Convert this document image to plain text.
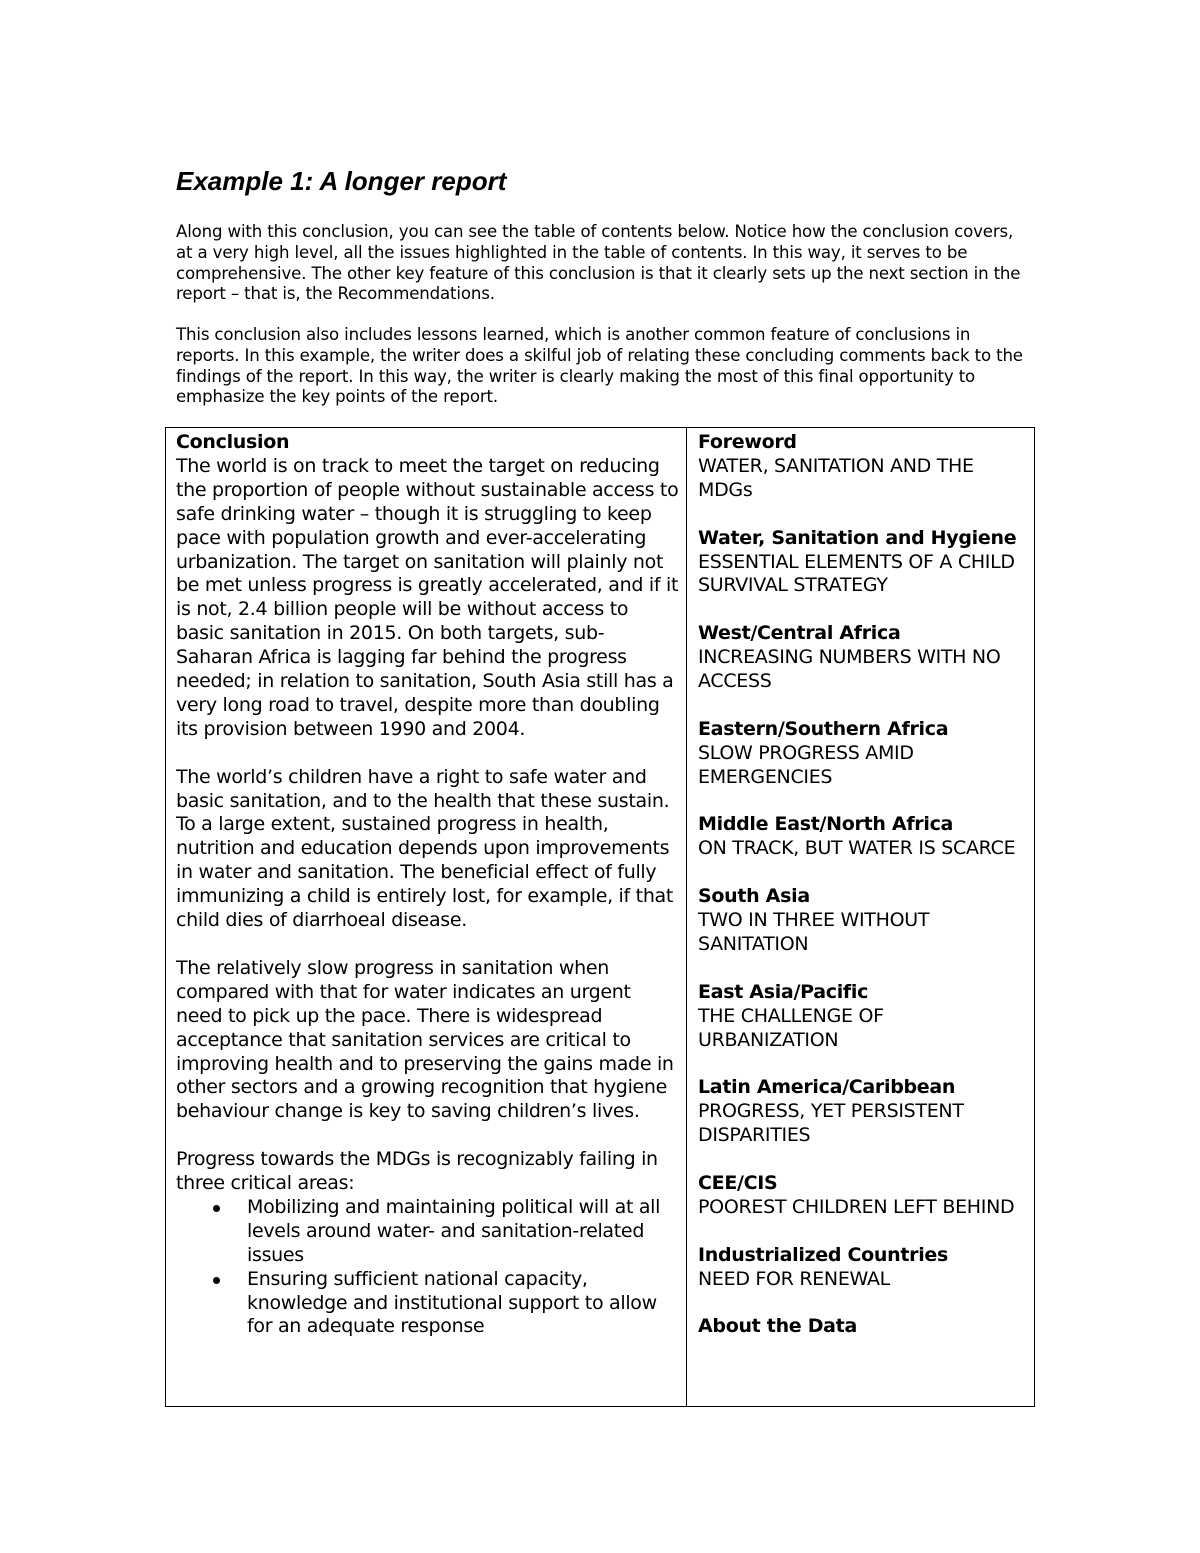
Example 1: A longer report

Along with this conclusion, you can see the table of contents below. Notice how the conclusion covers, at a very high level, all the issues highlighted in the table of contents. In this way, it serves to be comprehensive. The other key feature of this conclusion is that it clearly sets up the next section in the report – that is, the Recommendations.

This conclusion also includes lessons learned, which is another common feature of conclusions in reports. In this example, the writer does a skilful job of relating these concluding comments back to the findings of the report. In this way, the writer is clearly making the most of this final opportunity to emphasize the key points of the report.

Conclusion

The world is on track to meet the target on reducing the proportion of people without sustainable access to safe drinking water – though it is struggling to keep pace with population growth and ever-accelerating urbanization. The target on sanitation will plainly not be met unless progress is greatly accelerated, and if it is not, 2.4 billion people will be without access to basic sanitation in 2015. On both targets, sub-Saharan Africa is lagging far behind the progress needed; in relation to sanitation, South Asia still has a very long road to travel, despite more than doubling its provision between 1990 and 2004.

The world’s children have a right to safe water and basic sanitation, and to the health that these sustain. To a large extent, sustained progress in health, nutrition and education depends upon improvements in water and sanitation. The beneficial effect of fully immunizing a child is entirely lost, for example, if that child dies of diarrhoeal disease.

The relatively slow progress in sanitation when compared with that for water indicates an urgent need to pick up the pace. There is widespread acceptance that sanitation services are critical to improving health and to preserving the gains made in other sectors and a growing recognition that hygiene behaviour change is key to saving children’s lives.

Progress towards the MDGs is recognizably failing in three critical areas:

Mobilizing and maintaining political will at all levels around water- and sanitation-related issues
Ensuring sufficient national capacity, knowledge and institutional support to allow for an adequate response
Foreword
WATER, SANITATION AND THE MDGs
Water, Sanitation and Hygiene
ESSENTIAL ELEMENTS OF A CHILD SURVIVAL STRATEGY
West/Central Africa
INCREASING NUMBERS WITH NO ACCESS
Eastern/Southern Africa
SLOW PROGRESS AMID EMERGENCIES
Middle East/North Africa
ON TRACK, BUT WATER IS SCARCE
South Asia
TWO IN THREE WITHOUT SANITATION
East Asia/Pacific
THE CHALLENGE OF URBANIZATION
Latin America/Caribbean
PROGRESS, YET PERSISTENT DISPARITIES
CEE/CIS
POOREST CHILDREN LEFT BEHIND
Industrialized Countries
NEED FOR RENEWAL
About the Data
